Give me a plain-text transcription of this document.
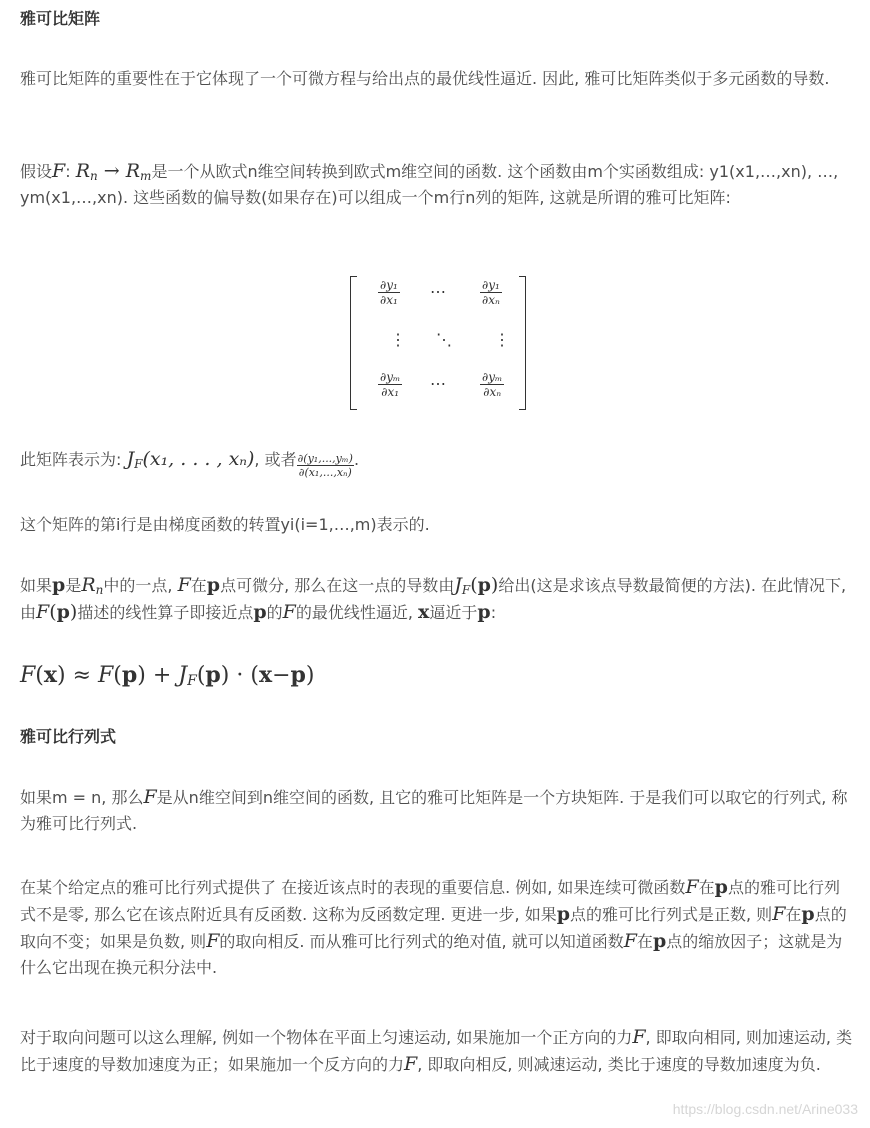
雅可比矩阵

雅可比矩阵的重要性在于它体现了一个可微方程与给出点的最优线性逼近. 因此, 雅可比矩阵类似于多元函数的导数.

假设F: $R_n \to R_m$是一个从欧式n维空间转换到欧式m维空间的函数. 这个函数由m个实函数组成: y1(x1,…,xn), …, ym(x1,…,xn). 这些函数的偏导数(如果存在)可以组成一个m行n列的矩阵, 这就是所谓的雅可比矩阵:

$\frac{\text{∂y₁}}{\text{∂x₁}}$ ⋯	$\frac{\text{∂y₁}}{\text{∂xₙ}}$
⋮ ⋱	⋮
$\frac{\text{∂yₘ}}{\text{∂x₁}}$ ⋯	$\frac{\text{∂yₘ}}{\text{∂xₙ}}$

此矩阵表示为: $J_F(x_1$, . . . , xₙ), 或者 $\frac{\text{∂(y₁,...,yₘ)}}{\text{∂(x₁,...,xₙ)}}$ .

这个矩阵的第i行是由梯度函数的转置yi(i=1,…,m)表示的.

如果p是$R_n$中的一点, F在p点可微分, 那么在这一点的导数由$J_F(p)$给出(这是求该点导数最简便的方法). 在此情况下, 由F(p)描述的线性算子即接近点p的F的最优线性逼近, x逼近于p:

$F(x) \approx F(p) + J_F(p) \cdot (x-p)$

雅可比行列式

如果m = n, 那么F是从n维空间到n维空间的函数, 且它的雅可比矩阵是一个方块矩阵. 于是我们可以取它的行列式, 称为雅可比行列式.

在某个给定点的雅可比行列式提供了 在接近该点时的表现的重要信息. 例如, 如果连续可微函数F在p点的雅可比行列式不是零, 那么它在该点附近具有反函数. 这称为反函数定理. 更进一步, 如果p点的雅可比行列式是正数, 则F在p点的取向不变；如果是负数, 则F的取向相反. 而从雅可比行列式的绝对值, 就可以知道函数F在p点的缩放因子；这就是为什么它出现在换元积分法中.

对于取向问题可以这么理解, 例如一个物体在平面上匀速运动, 如果施加一个正方向的力F, 即取向相同, 则加速运动, 类比于速度的导数加速度为正；如果施加一个反方向的力F, 即取向相反, 则减速运动, 类比于速度的导数加速度为负.

https://blog.csdn.net/Arine033
